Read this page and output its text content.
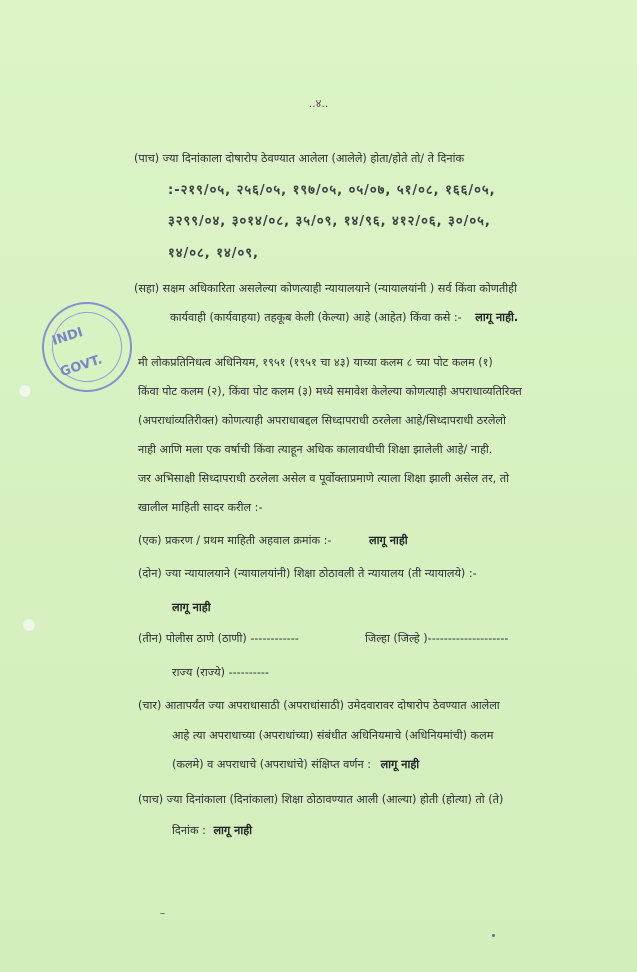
..४..
(पाच) ज्या दिनांकाला दोषारोप ठेवण्यात आलेला (आलेले) होता/होते तो/ ते दिनांक
:-२१९/०५, २५६/०५, १९७/०५, ०५/०७, ५१/०८, १६६/०५,
३२९९/०४, ३०१४/०८, ३५/०९, १४/९६, ४१२/०६, ३०/०५,
१४/०८, १४/०९,
(सहा) सक्षम अधिकारिता असलेल्या कोणत्याही न्यायालयाने (न्यायालयांनी ) सर्व किंवा कोणतीही
कार्यवाही (कार्यवाहया) तहकूब केली (केल्या) आहे (आहेत) किंवा कसे :- लागू नाही.
मी लोकप्रतिनिधत्व अधिनियम, १९५१ (१९५१ चा ४३) याच्या कलम ८ च्या पोट कलम (१)
किंवा पोट कलम (२), किंवा पोट कलम (३) मध्ये समावेश केलेल्या कोणत्याही अपराधाव्यतिरिक्त
(अपराधांव्यतिरीक्त) कोणत्याही अपराधाबद्दल सिध्दापराधी ठरलेला आहे/सिध्दापराधी ठरलेलो
नाही आणि मला एक वर्षाची किंवा त्याहून अधिक कालावधीची शिक्षा झालेली आहे/ नाही.
जर अभिसाक्षी सिध्दापराधी ठरलेला असेल व पूर्वोक्ताप्रमाणे त्याला शिक्षा झाली असेल तर, तो
खालील माहिती सादर करील :-
(एक) प्रकरण / प्रथम माहिती अहवाल क्रमांक :-	लागू नाही
(दोन) ज्या न्यायालयाने (न्यायालयांनी) शिक्षा ठोठावली ते न्यायालय (ती न्यायालये) :-
लागू नाही
(तीन) पोलीस ठाणे (ठाणी) ------------	जिल्हा (जिल्हे )--------------------
राज्य (राज्ये) ----------
(चार) आतापर्यंत ज्या अपराधासाठी (अपराधांसाठी) उमेदवारावर दोषारोप ठेवण्यात आलेला
आहे त्या अपराधाच्या (अपराधांच्या) संबंधीत अधिनियमाचे (अधिनियमांची) कलम
(कलमे) व अपराधाचे (अपराधांचे) संक्षिप्त वर्णन : लागू नाही
(पाच) ज्या दिनांकाला (दिनांकाला) शिक्षा ठोठावण्यात आली (आल्या) होती (होत्या) तो (ते)
दिनांक : लागू नाही
INDI
GOVT.
